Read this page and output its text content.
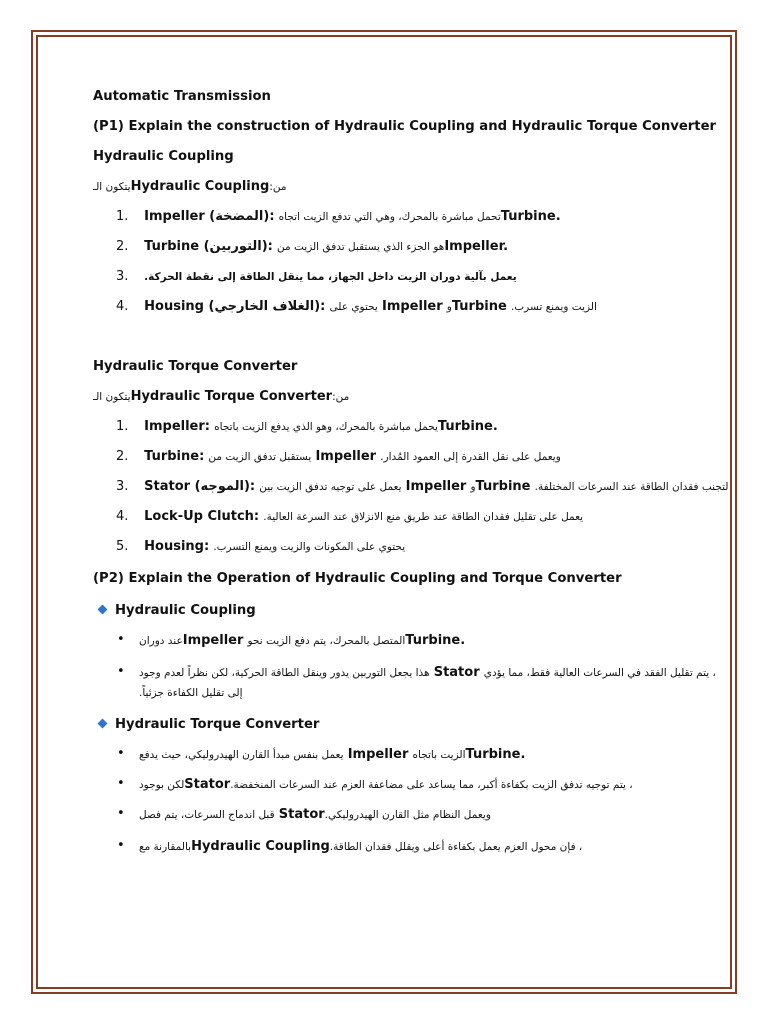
Automatic Transmission
(P1) Explain the construction of Hydraulic Coupling and Hydraulic Torque Converter
Hydraulic Coupling
يتكون الـHydraulic Couplingمن:
1. Impeller (المضخة): تحمل مباشرة بالمحرك، وهي التي تدفع الزيت اتجاهTurbine.
2. Turbine (التوربين): هو الجزء الذي يستقبل تدفق الزيت منImpeller.
3. يعمل بآلية دوران الزيت داخل الجهاز، مما ينقل الطاقة إلى نقطة الحركة.
4. Housing (الغلاف الخارجي): يحتوي على Impeller وTurbine الزيت ويمنع تسرب.
Hydraulic Torque Converter
يتكون الـHydraulic Torque Converterمن:
1. Impeller: يحمل مباشرة بالمحرك، وهو الذي يدفع الزيت باتجاهTurbine.
2. Turbine: يستقبل تدفق الزيت من Impeller ويعمل على نقل القدرة إلى العمود المُدار.
3. Stator (الموجه): يعمل على توجيه تدفق الزيت بين Impeller وTurbine لتجنب فقدان الطاقة عند السرعات المختلفة.
4. Lock-Up Clutch: يعمل على تقليل فقدان الطاقة عند طريق منع الانزلاق عند السرعة العالية.
5. Housing: يحتوي على المكونات والزيت ويمنع التسرب.
(P2) Explain the Operation of Hydraulic Coupling and Torque Converter
Hydraulic Coupling
• عند دورانImpeller المتصل بالمحرك، يتم دفع الزيت نحوTurbine.
• هذا يجعل التوربين يدور وينقل الطاقة الحركية، لكن نظراً لعدم وجود Stator ، يتم تقليل الفقد في السرعات العالية فقط، مما يؤدي
إلى تقليل الكفاءة جزئياً.
Hydraulic Torque Converter
• يعمل بنفس مبدأ القارن الهيدروليكي، حيث يدفع Impeller الزيت باتجاهTurbine.
• لكن بوجودStator، يتم توجيه تدفق الزيت بكفاءة أكبر، مما يساعد على مضاعفة العزم عند السرعات المنخفضة.
• قبل اندماج السرعات، يتم فصل Statorويعمل النظام مثل القارن الهيدروليكي.
• بالمقارنة معHydraulic Coupling، فإن محول العزم يعمل بكفاءة أعلى ويقلل فقدان الطاقة.
